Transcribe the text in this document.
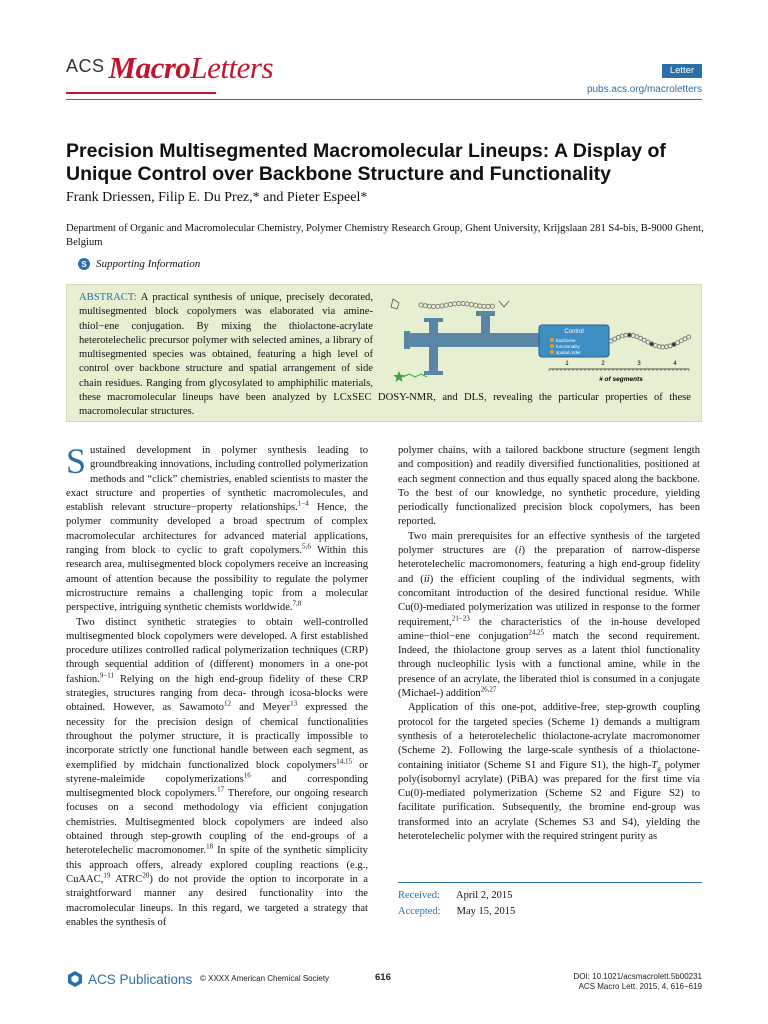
ACS MacroLetters	Letter
pubs.acs.org/macroletters
Precision Multisegmented Macromolecular Lineups: A Display of Unique Control over Backbone Structure and Functionality
Frank Driessen, Filip E. Du Prez,* and Pieter Espeel*
Department of Organic and Macromolecular Chemistry, Polymer Chemistry Research Group, Ghent University, Krijgslaan 281 S4-bis, B-9000 Ghent, Belgium
S Supporting Information
Control
backbone
functionality
spatial order
1	2	3	4
# of segments
ABSTRACT: A practical synthesis of unique, precisely decorated, multisegmented block copolymers was elaborated via amine-thiol−ene conjugation. By mixing the thiolactone-acrylate heterotelechelic precursor polymer with selected amines, a library of multisegmented species was obtained, featuring a high level of control over backbone structure and spatial arrangement of side chain residues. Ranging from glycosylated to amphiphilic materials, these macromolecular lineups have been analyzed by LCxSEC DOSY-NMR, and DLS, revealing the particular properties of these macromolecular structures.

Sustained development in polymer synthesis leading to groundbreaking innovations, including controlled polymerization methods and “click” chemistries, enabled scientists to master the exact structure and properties of synthetic macromolecules, and establish relevant structure−property relationships.$^{1-4}$ Hence, the polymer community developed a broad spectrum of complex macromolecular architectures for advanced material applications, ranging from block to cyclic to graft copolymers.$^{5,6}$ Within this research area, multisegmented block copolymers receive an increasing amount of attention because the possibility to regulate the polymer microstructure remains a challenging topic from a molecular perspective, intriguing synthetic chemists worldwide.$^{7,8}$

Two distinct synthetic strategies to obtain well-controlled multisegmented block copolymers were developed. A first established procedure utilizes controlled radical polymerization techniques (CRP) through sequential addition of (different) monomers in a one-pot fashion.$^{9-11}$ Relying on the high end-group fidelity of these CRP strategies, structures ranging from deca- through icosa-blocks were obtained. However, as Sawamoto$^{12}$ and Meyer$^{13}$ expressed the necessity for the precision design of chemical functionalities throughout the polymer structure, it is practically impossible to incorporate strictly one functional handle between each segment, as exemplified by midchain functionalized block copolymers$^{14,15}$ or styrene-maleimide copolymerizations$^{16}$ and corresponding multisegmented block copolymers.$^{17}$ Therefore, our ongoing research focuses on a second methodology via efficient conjugation chemistries. Multisegmented block copolymers are indeed also obtained through step-growth coupling of the end-groups of a heterotelechelic macromonomer.$^{18}$ In spite of the synthetic simplicity this approach offers, already explored coupling reactions (e.g., CuAAC,$^{19}$ ATRC$^{20}$) do not provide the option to incorporate in a straightforward manner any desired functionality into the macromolecular lineups. In this regard, we targeted a strategy that enables the synthesis of

polymer chains, with a tailored backbone structure (segment length and composition) and readily diversified functionalities, positioned at each segment connection and thus equally spaced along the backbone. To the best of our knowledge, no synthetic procedure, yielding periodically functionalized precision block copolymers, has been reported.

Two main prerequisites for an effective synthesis of the targeted polymer structures are (i) the preparation of narrow-disperse heterotelechelic macromonomers, featuring a high end-group fidelity and (ii) the efficient coupling of the individual segments, with concomitant introduction of the desired functional residue. While Cu(0)-mediated polymerization was utilized in response to the former requirement,$^{21-23}$ the characteristics of the in-house developed amine−thiol−ene conjugation$^{24,25}$ match the second requirement. Indeed, the thiolactone group serves as a latent thiol functionality through nucleophilic lysis with a functional amine, while in the presence of an acrylate, the liberated thiol is consumed in a conjugate (Michael-) addition$^{26,27}$

Application of this one-pot, additive-free, step-growth coupling protocol for the targeted species (Scheme 1) demands a multigram synthesis of a heterotelechelic thiolactone-acrylate macromonomer (Scheme 2). Following the large-scale synthesis of a thiolactone-containing initiator (Scheme S1 and Figure S1), the high-$T_g$ polymer poly(isobornyl acrylate) (PiBA) was prepared for the first time via Cu(0)-mediated polymerization (Scheme S2 and Figure S2) to facilitate purification. Subsequently, the bromine end-group was transformed into an acrylate (Schemes S3 and S4), yielding the heterotelechelic polymer with the required stringent purity as

Received: April 2, 2015
Accepted: May 15, 2015
ACS Publications © XXXX American Chemical Society	616	DOI: 10.1021/acsmacrolett.5b00231
ACS Macro Lett. 2015, 4, 616−619
